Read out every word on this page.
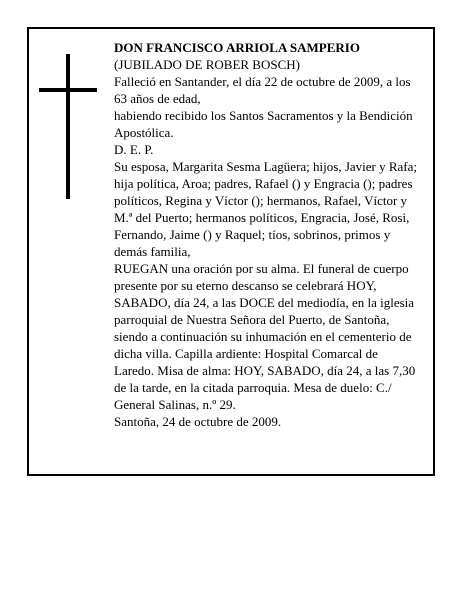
DON FRANCISCO ARRIOLA SAMPERIO

(JUBILADO DE ROBER BOSCH)

Falleció en Santander, el día 22 de octubre de 2009, a los 63 años de edad,

habiendo recibido los Santos Sacramentos y la Bendición Apostólica.

D. E. P.

Su esposa, Margarita Sesma Lagüera; hijos, Javier y Rafa; hija política, Aroa; padres, Rafael () y Engracia (); padres políticos, Regina y Víctor (); hermanos, Rafael, Víctor y M.ª del Puerto; hermanos políticos, Engracia, José, Rosi, Fernando, Jaime () y Raquel; tíos, sobrinos, primos y demás familia,

RUEGAN una oración por su alma. El funeral de cuerpo presente por su eterno descanso se celebrará HOY, SABADO, día 24, a las DOCE del mediodía, en la iglesia parroquial de Nuestra Señora del Puerto, de Santoña, siendo a continuación su inhumación en el cementerio de dicha villa. Capilla ardiente: Hospital Comarcal de Laredo. Misa de alma: HOY, SABADO, día 24, a las 7,30 de la tarde, en la citada parroquia. Mesa de duelo: C./ General Salinas, n.º 29.

Santoña, 24 de octubre de 2009.
